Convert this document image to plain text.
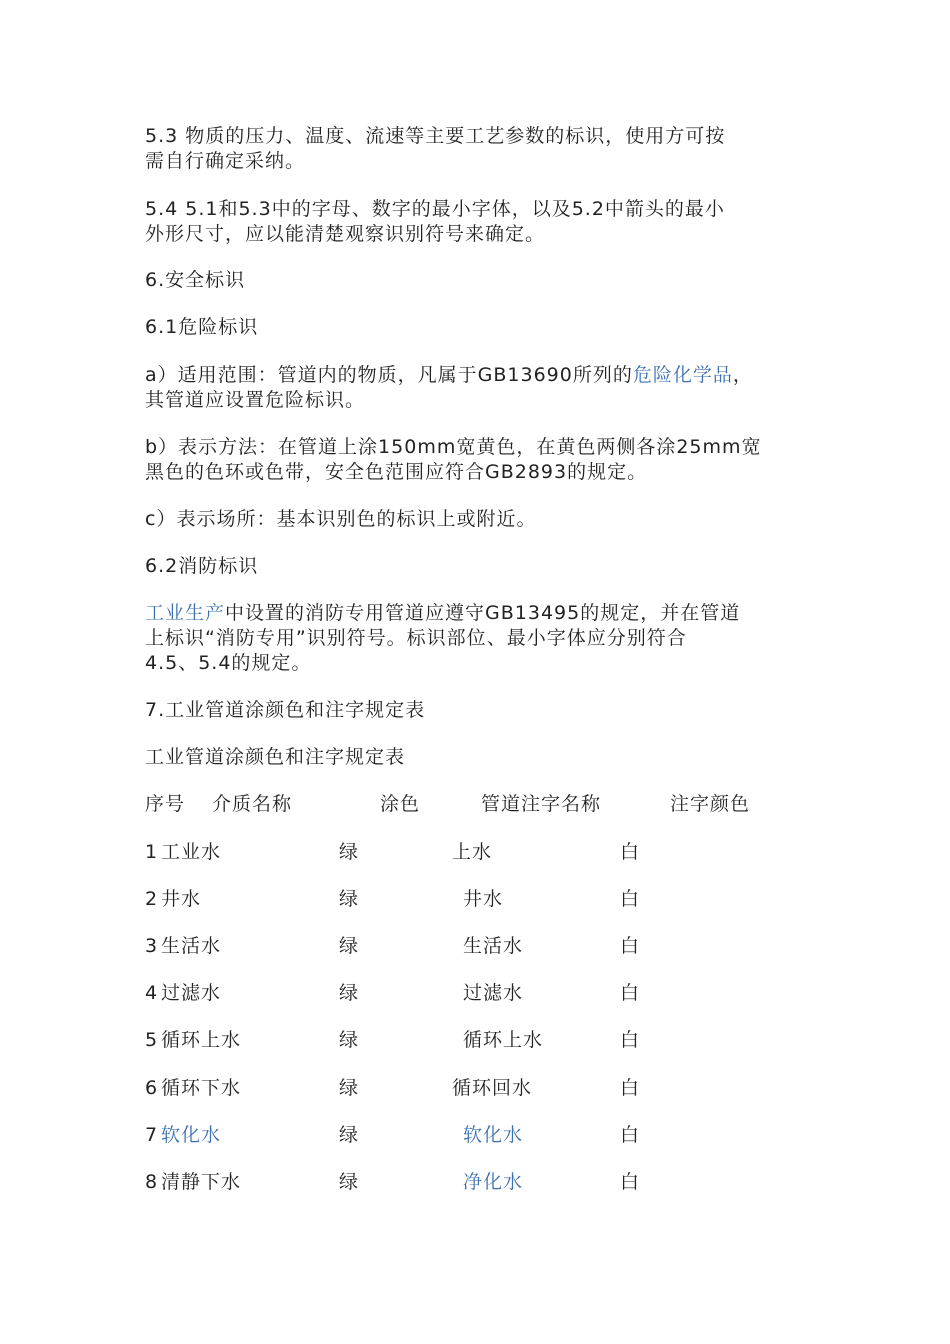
5.3 物质的压力、温度、流速等主要工艺参数的标识，使用方可按
需自行确定采纳。

5.4 5.1和5.3中的字母、数字的最小字体，以及5.2中箭头的最小
外形尺寸，应以能清楚观察识别符号来确定。

6.安全标识

6.1危险标识

a）适用范围：管道内的物质，凡属于GB13690所列的危险化学品，
其管道应设置危险标识。

b）表示方法：在管道上涂150mm宽黄色，在黄色两侧各涂25mm宽
黑色的色环或色带，安全色范围应符合GB2893的规定。

c）表示场所：基本识别色的标识上或附近。

6.2消防标识

工业生产中设置的消防专用管道应遵守GB13495的规定，并在管道
上标识“消防专用”识别符号。标识部位、最小字体应分别符合
4.5、5.4的规定。

7.工业管道涂颜色和注字规定表

工业管道涂颜色和注字规定表

序号 介质名称	涂色	管道注字名称	注字颜色
1 工业水	绿	上水	白
2 井水	绿	井水	白
3 生活水	绿	生活水	白
4 过滤水	绿	过滤水	白
5 循环上水	绿	循环上水	白
6 循环下水	绿	循环回水	白
7 软化水	绿	软化水	白
8 清静下水	绿	净化水	白
